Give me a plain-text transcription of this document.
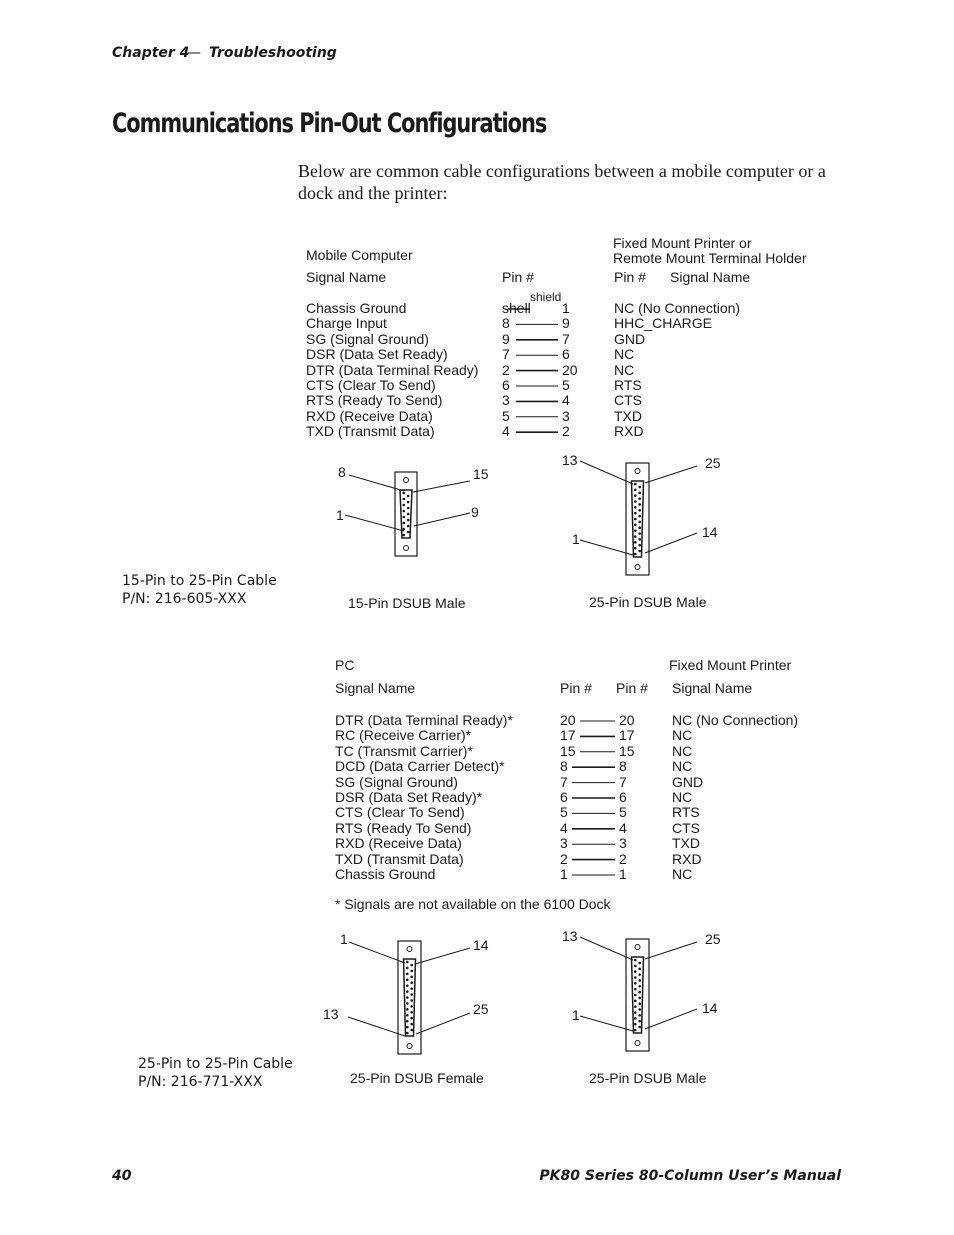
Chapter 4
— Troubleshooting
Communications Pin-Out Configurations
Below are common cable configurations between a mobile computer or a dock and the printer:
Mobile Computer
Fixed Mount Printer or
Remote Mount Terminal Holder
Signal Name	Pin #	Pin # Signal Name
shield
Chassis Ground	shell 1	NC (No Connection)
Charge Input	8	9	HHC_CHARGE
SG (Signal Ground)	9	7	GND
DSR (Data Set Ready)	7	6	NC
DTR (Data Terminal Ready) 2	20	NC
CTS (Clear To Send)	6	5	RTS
RTS (Ready To Send)	3	4	CTS
RXD (Receive Data)	5	3	TXD
TXD (Transmit Data)	4	2	RXD
8	15
1	9
15-Pin DSUB Male
13	25
1	14
25-Pin DSUB Male
15-Pin to 25-Pin Cable
P/N: 216-605-XXX
PC	Fixed Mount Printer
Signal Name	Pin # Pin # Signal Name
DTR (Data Terminal Ready)*	20	20	NC (No Connection)
RC (Receive Carrier)*	17	17	NC
TC (Transmit Carrier)*	15	15	NC
DCD (Data Carrier Detect)*	8	8	NC
SG (Signal Ground)	7	7	GND
DSR (Data Set Ready)*	6	6	NC
CTS (Clear To Send)	5	5	RTS
RTS (Ready To Send)	4	4	CTS
RXD (Receive Data)	3	3	TXD
TXD (Transmit Data)	2	2	RXD
Chassis Ground	1	1	NC
* Signals are not available on the 6100 Dock
1	14
13	25
25-Pin DSUB Female
13	25
1	14
25-Pin DSUB Male
25-Pin to 25-Pin Cable
P/N: 216-771-XXX
40	PK80 Series 80-Column User’s Manual
